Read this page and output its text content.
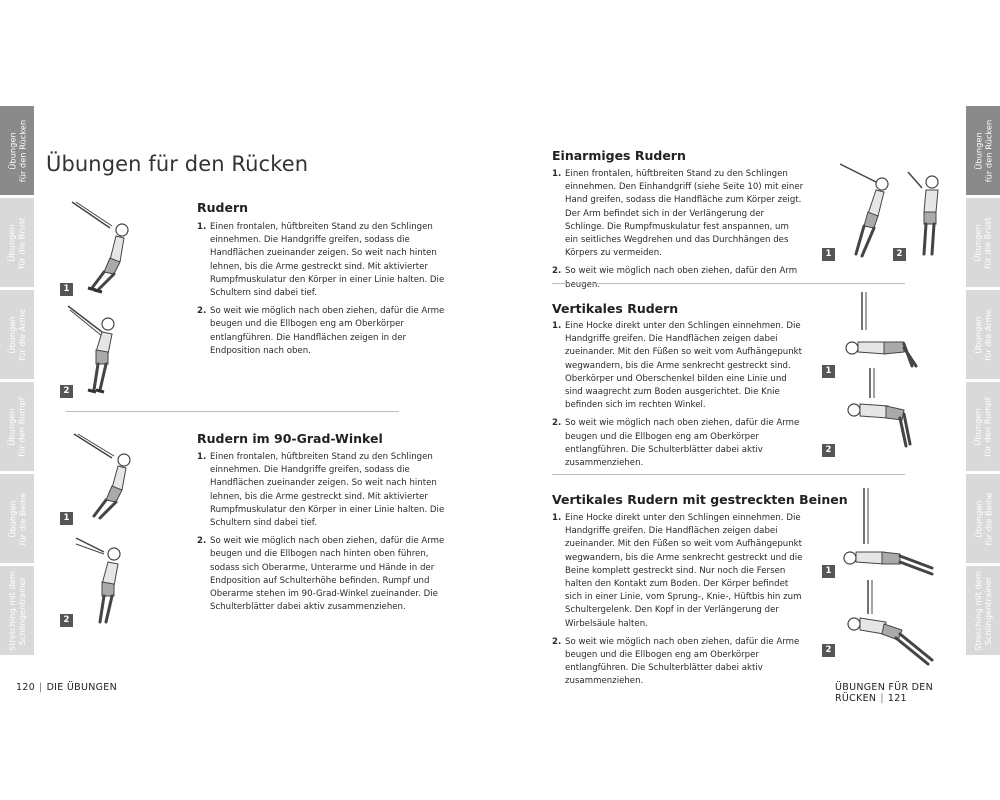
Übungen
für den Rücken
Übungen
für die Brust
Übungen
für die Arme
Übungen
für den Rumpf
Übungen
für die Beine
Stretching mit dem
Schlingentrainer
Übungen
für den Rücken
Übungen
für die Brust
Übungen
für die Arme
Übungen
für den Rumpf
Übungen
für die Beine
Stretching mit dem
Schlingentrainer
Übungen für den Rücken
1
2
Rudern
1. Einen frontalen, hüftbreiten Stand zu den Schlingen einnehmen. Die Handgriffe greifen, sodass die Handflächen zueinander zeigen. So weit nach hinten lehnen, bis die Arme gestreckt sind. Mit aktivierter Rumpfmuskulatur den Körper in einer Linie halten. Die Schultern sind dabei tief.
2. So weit wie möglich nach oben ziehen, dafür die Arme beugen und die Ellbogen eng am Oberkörper entlangführen. Die Handflächen zeigen in der Endposition nach oben.
1
2
Rudern im 90-Grad-Winkel
1. Einen frontalen, hüftbreiten Stand zu den Schlingen einnehmen. Die Handgriffe greifen, sodass die Handflächen zueinander zeigen. So weit nach hinten lehnen, bis die Arme gestreckt sind. Mit aktivierter Rumpfmuskulatur den Körper in einer Linie halten. Die Schultern sind dabei tief.
2. So weit wie möglich nach oben ziehen, dafür die Arme beugen und die Ellbogen nach hinten oben führen, sodass sich Oberarme, Unterarme und Hände in der Endposition auf Schulterhöhe befinden. Rumpf und Oberarme stehen im 90-Grad-Winkel zueinander. Die Schulterblätter dabei aktiv zusammenziehen.
120 | DIE ÜBUNGEN
Einarmiges Rudern
1. Einen frontalen, hüftbreiten Stand zu den Schlingen einnehmen. Den Einhandgriff (siehe Seite 10) mit einer Hand greifen, sodass die Handfläche zum Körper zeigt. Der Arm befindet sich in der Verlängerung der Schlinge. Die Rumpfmuskulatur fest anspannen, um ein seitliches Wegdrehen und das Durchhängen des Körpers zu vermeiden.
2. So weit wie möglich nach oben ziehen, dafür den Arm beugen.
1	2
Vertikales Rudern
1. Eine Hocke direkt unter den Schlingen einnehmen. Die Handgriffe greifen. Die Handflächen zeigen dabei zueinander. Mit den Füßen so weit vom Aufhängepunkt wegwandern, bis die Arme senkrecht gestreckt sind. Oberkörper und Oberschenkel bilden eine Linie und sind waagrecht zum Boden ausgerichtet. Die Knie befinden sich im rechten Winkel.
2. So weit wie möglich nach oben ziehen, dafür die Arme beugen und die Ellbogen eng am Oberkörper entlangführen. Die Schulterblätter dabei aktiv zusammenziehen.
1
2
Vertikales Rudern mit gestreckten Beinen
1. Eine Hocke direkt unter den Schlingen einnehmen. Die Handgriffe greifen. Die Handflächen zeigen dabei zueinander. Mit den Füßen so weit vom Aufhängepunkt wegwandern, bis die Arme senkrecht gestreckt und die Beine komplett gestreckt sind. Nur noch die Fersen halten den Kontakt zum Boden. Der Körper befindet sich in einer Linie, vom Sprung-, Knie-, Hüftbis hin zum Schultergelenk. Den Kopf in der Verlängerung der Wirbelsäule halten.
2. So weit wie möglich nach oben ziehen, dafür die Arme beugen und die Ellbogen eng am Oberkörper entlangführen. Die Schulterblätter dabei aktiv zusammenziehen.
1
2
ÜBUNGEN FÜR DEN RÜCKEN | 121
